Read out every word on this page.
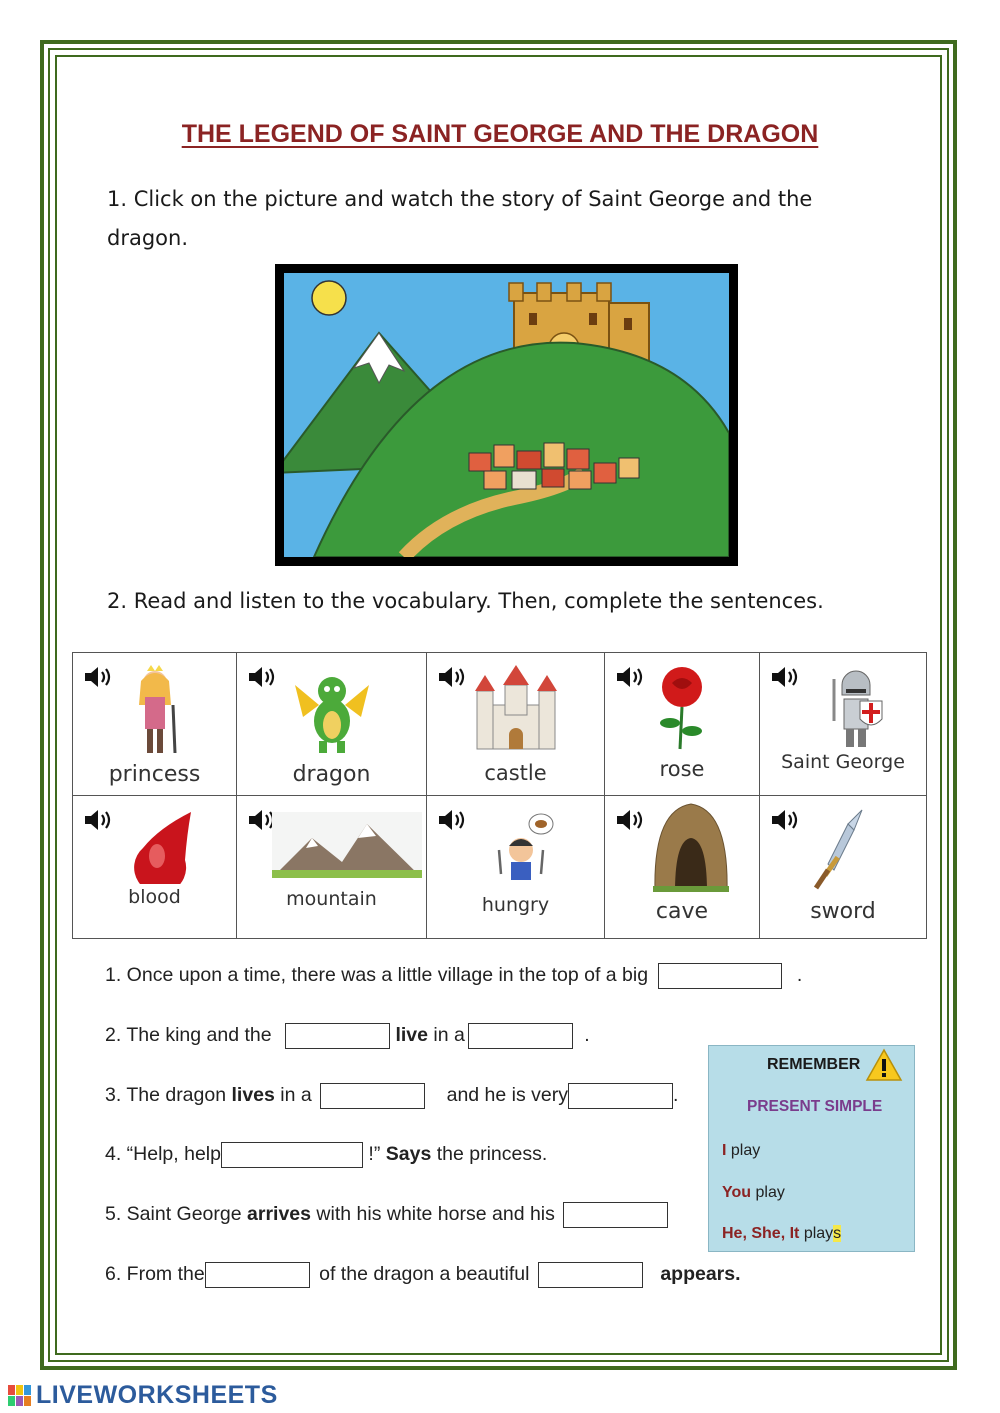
THE LEGEND OF SAINT GEORGE AND THE DRAGON
1. Click on the picture and watch the story of Saint George and the dragon.
2. Read and listen to the vocabulary. Then, complete the sentences.
princess	dragon	castle	rose	Saint George

blood	mountain	hungry	cave	sword
1. Once upon a time, there was a little village in the top of a big	.
2. The king and the	live in a	.
3. The dragon lives in a	and he is very	.
4. “Help, help	!” Says the princess.
5. Saint George arrives with his white horse and his
6. From the	of the dragon a beautiful	appears.
REMEMBER
PRESENT SIMPLE
I play
You play
He, She, It plays
LIVEWORKSHEETS
